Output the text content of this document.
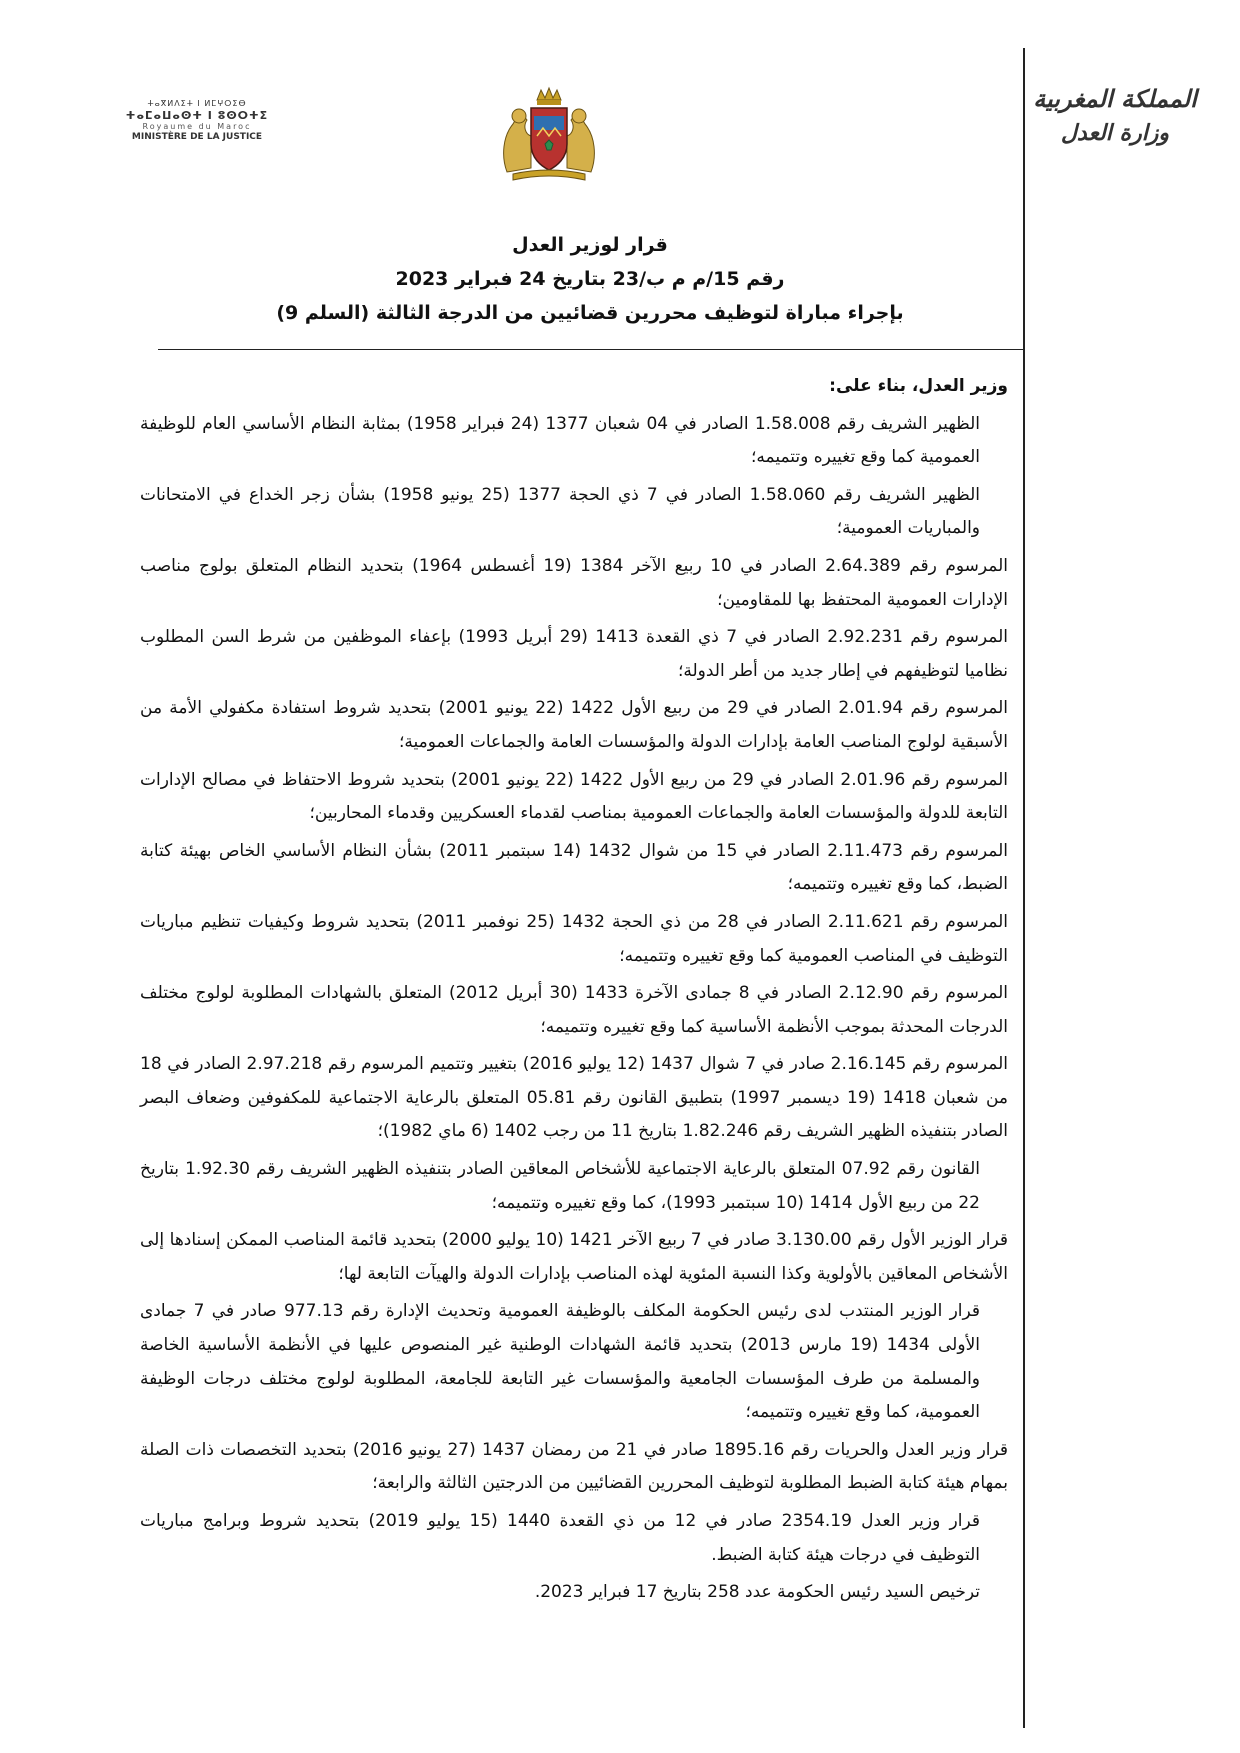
المملكة المغربية
وزارة العدل
ⵜⴰⴳⵍⴷⵉⵜ ⵏ ⵍⵎⵖⵔⵉⴱ
ⵜⴰⵎⴰⵡⴰⵙⵜ ⵏ ⵓⵙⵔⵜⵉ
Royaume du Maroc
MINISTÈRE DE LA JUSTICE
قرار لوزير العدل
رقم 15/م م ب/23 بتاريخ 24 فبراير 2023
بإجراء مباراة لتوظيف محررين قضائيين من الدرجة الثالثة (السلم 9)

وزير العدل، بناء على:

الظهير الشريف رقم 1.58.008 الصادر في 04 شعبان 1377 (24 فبراير 1958) بمثابة النظام الأساسي العام للوظيفة العمومية كما وقع تغييره وتتميمه؛

الظهير الشريف رقم 1.58.060 الصادر في 7 ذي الحجة 1377 (25 يونيو 1958) بشأن زجر الخداع في الامتحانات والمباريات العمومية؛

المرسوم رقم 2.64.389 الصادر في 10 ربيع الآخر 1384 (19 أغسطس 1964) بتحديد النظام المتعلق بولوج مناصب الإدارات العمومية المحتفظ بها للمقاومين؛

المرسوم رقم 2.92.231 الصادر في 7 ذي القعدة 1413 (29 أبريل 1993) بإعفاء الموظفين من شرط السن المطلوب نظاميا لتوظيفهم في إطار جديد من أطر الدولة؛

المرسوم رقم 2.01.94 الصادر في 29 من ربيع الأول 1422 (22 يونيو 2001) بتحديد شروط استفادة مكفولي الأمة من الأسبقية لولوج المناصب العامة بإدارات الدولة والمؤسسات العامة والجماعات العمومية؛

المرسوم رقم 2.01.96 الصادر في 29 من ربيع الأول 1422 (22 يونيو 2001) بتحديد شروط الاحتفاظ في مصالح الإدارات التابعة للدولة والمؤسسات العامة والجماعات العمومية بمناصب لقدماء العسكريين وقدماء المحاربين؛

المرسوم رقم 2.11.473 الصادر في 15 من شوال 1432 (14 سبتمبر 2011) بشأن النظام الأساسي الخاص بهيئة كتابة الضبط، كما وقع تغييره وتتميمه؛

المرسوم رقم 2.11.621 الصادر في 28 من ذي الحجة 1432 (25 نوفمبر 2011) بتحديد شروط وكيفيات تنظيم مباريات التوظيف في المناصب العمومية كما وقع تغييره وتتميمه؛

المرسوم رقم 2.12.90 الصادر في 8 جمادى الآخرة 1433 (30 أبريل 2012) المتعلق بالشهادات المطلوبة لولوج مختلف الدرجات المحدثة بموجب الأنظمة الأساسية كما وقع تغييره وتتميمه؛

المرسوم رقم 2.16.145 صادر في 7 شوال 1437 (12 يوليو 2016) بتغيير وتتميم المرسوم رقم 2.97.218 الصادر في 18 من شعبان 1418 (19 ديسمبر 1997) بتطبيق القانون رقم 05.81 المتعلق بالرعاية الاجتماعية للمكفوفين وضعاف البصر الصادر بتنفيذه الظهير الشريف رقم 1.82.246 بتاريخ 11 من رجب 1402 (6 ماي 1982)؛

القانون رقم 07.92 المتعلق بالرعاية الاجتماعية للأشخاص المعاقين الصادر بتنفيذه الظهير الشريف رقم 1.92.30 بتاريخ 22 من ربيع الأول 1414 (10 سبتمبر 1993)، كما وقع تغييره وتتميمه؛

قرار الوزير الأول رقم 3.130.00 صادر في 7 ربيع الآخر 1421 (10 يوليو 2000) بتحديد قائمة المناصب الممكن إسنادها إلى الأشخاص المعاقين بالأولوية وكذا النسبة المئوية لهذه المناصب بإدارات الدولة والهيآت التابعة لها؛

قرار الوزير المنتدب لدى رئيس الحكومة المكلف بالوظيفة العمومية وتحديث الإدارة رقم 977.13 صادر في 7 جمادى الأولى 1434 (19 مارس 2013) بتحديد قائمة الشهادات الوطنية غير المنصوص عليها في الأنظمة الأساسية الخاصة والمسلمة من طرف المؤسسات الجامعية والمؤسسات غير التابعة للجامعة، المطلوبة لولوج مختلف درجات الوظيفة العمومية، كما وقع تغييره وتتميمه؛

قرار وزير العدل والحريات رقم 1895.16 صادر في 21 من رمضان 1437 (27 يونيو 2016) بتحديد التخصصات ذات الصلة بمهام هيئة كتابة الضبط المطلوبة لتوظيف المحررين القضائيين من الدرجتين الثالثة والرابعة؛

قرار وزير العدل 2354.19 صادر في 12 من ذي القعدة 1440 (15 يوليو 2019) بتحديد شروط وبرامج مباريات التوظيف في درجات هيئة كتابة الضبط.

ترخيص السيد رئيس الحكومة عدد 258 بتاريخ 17 فبراير 2023.
